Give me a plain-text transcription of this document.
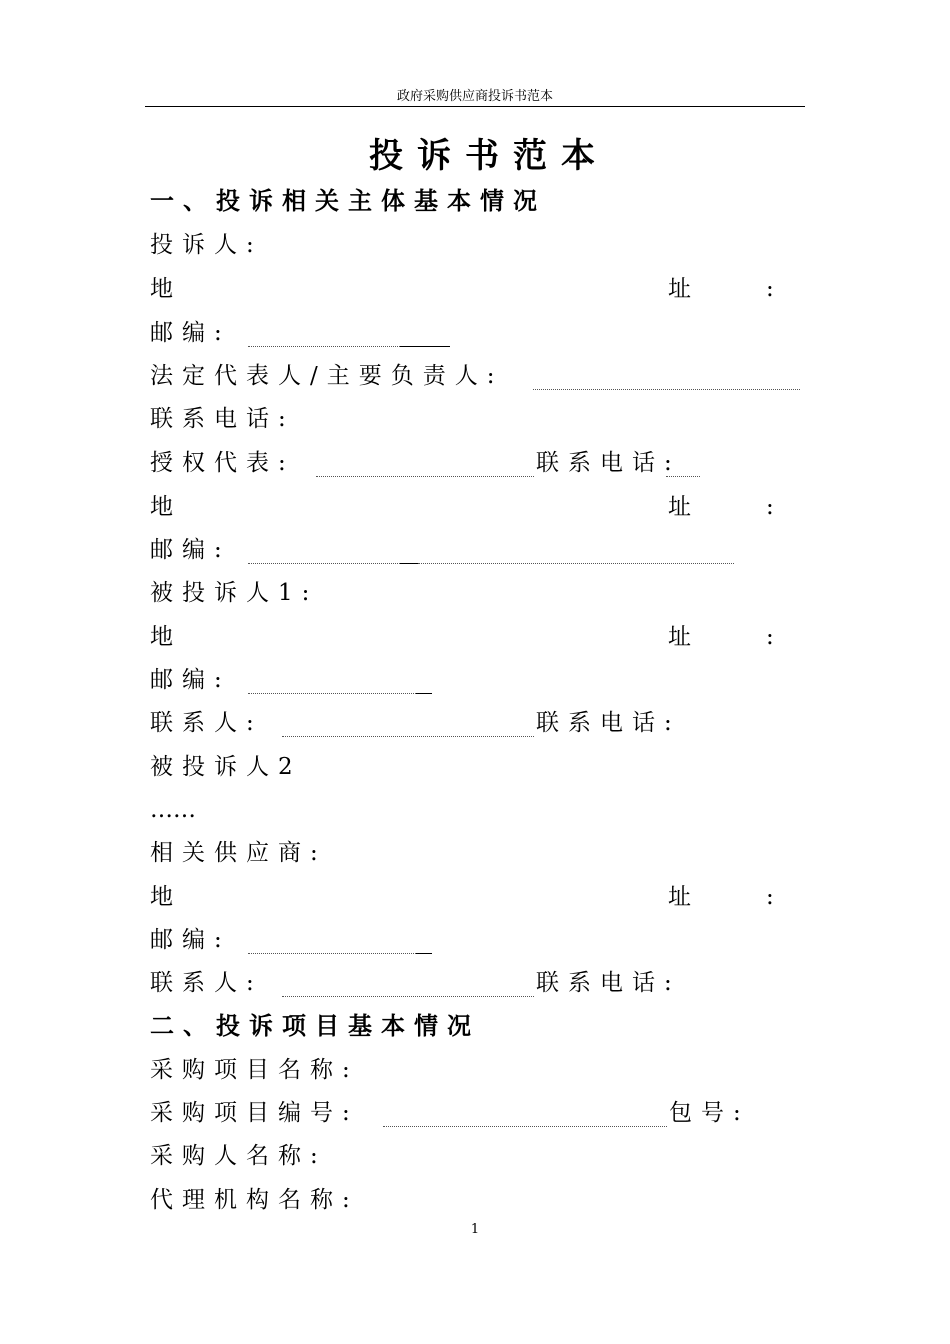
政府采购供应商投诉书范本
投诉书范本
一、投诉相关主体基本情况
投诉人:
地	址	:
邮编:
法定代表人/主要负责人:
联系电话:
授权代表:	联系电话:
地	址	:
邮编:
被投诉人1:
地	址	:
邮编:
联系人:	联系电话:
被投诉人2
……
相关供应商:
地	址	:
邮编:
联系人:	联系电话:
二、投诉项目基本情况
采购项目名称:
采购项目编号:	包号:
采购人名称:
代理机构名称:
1
